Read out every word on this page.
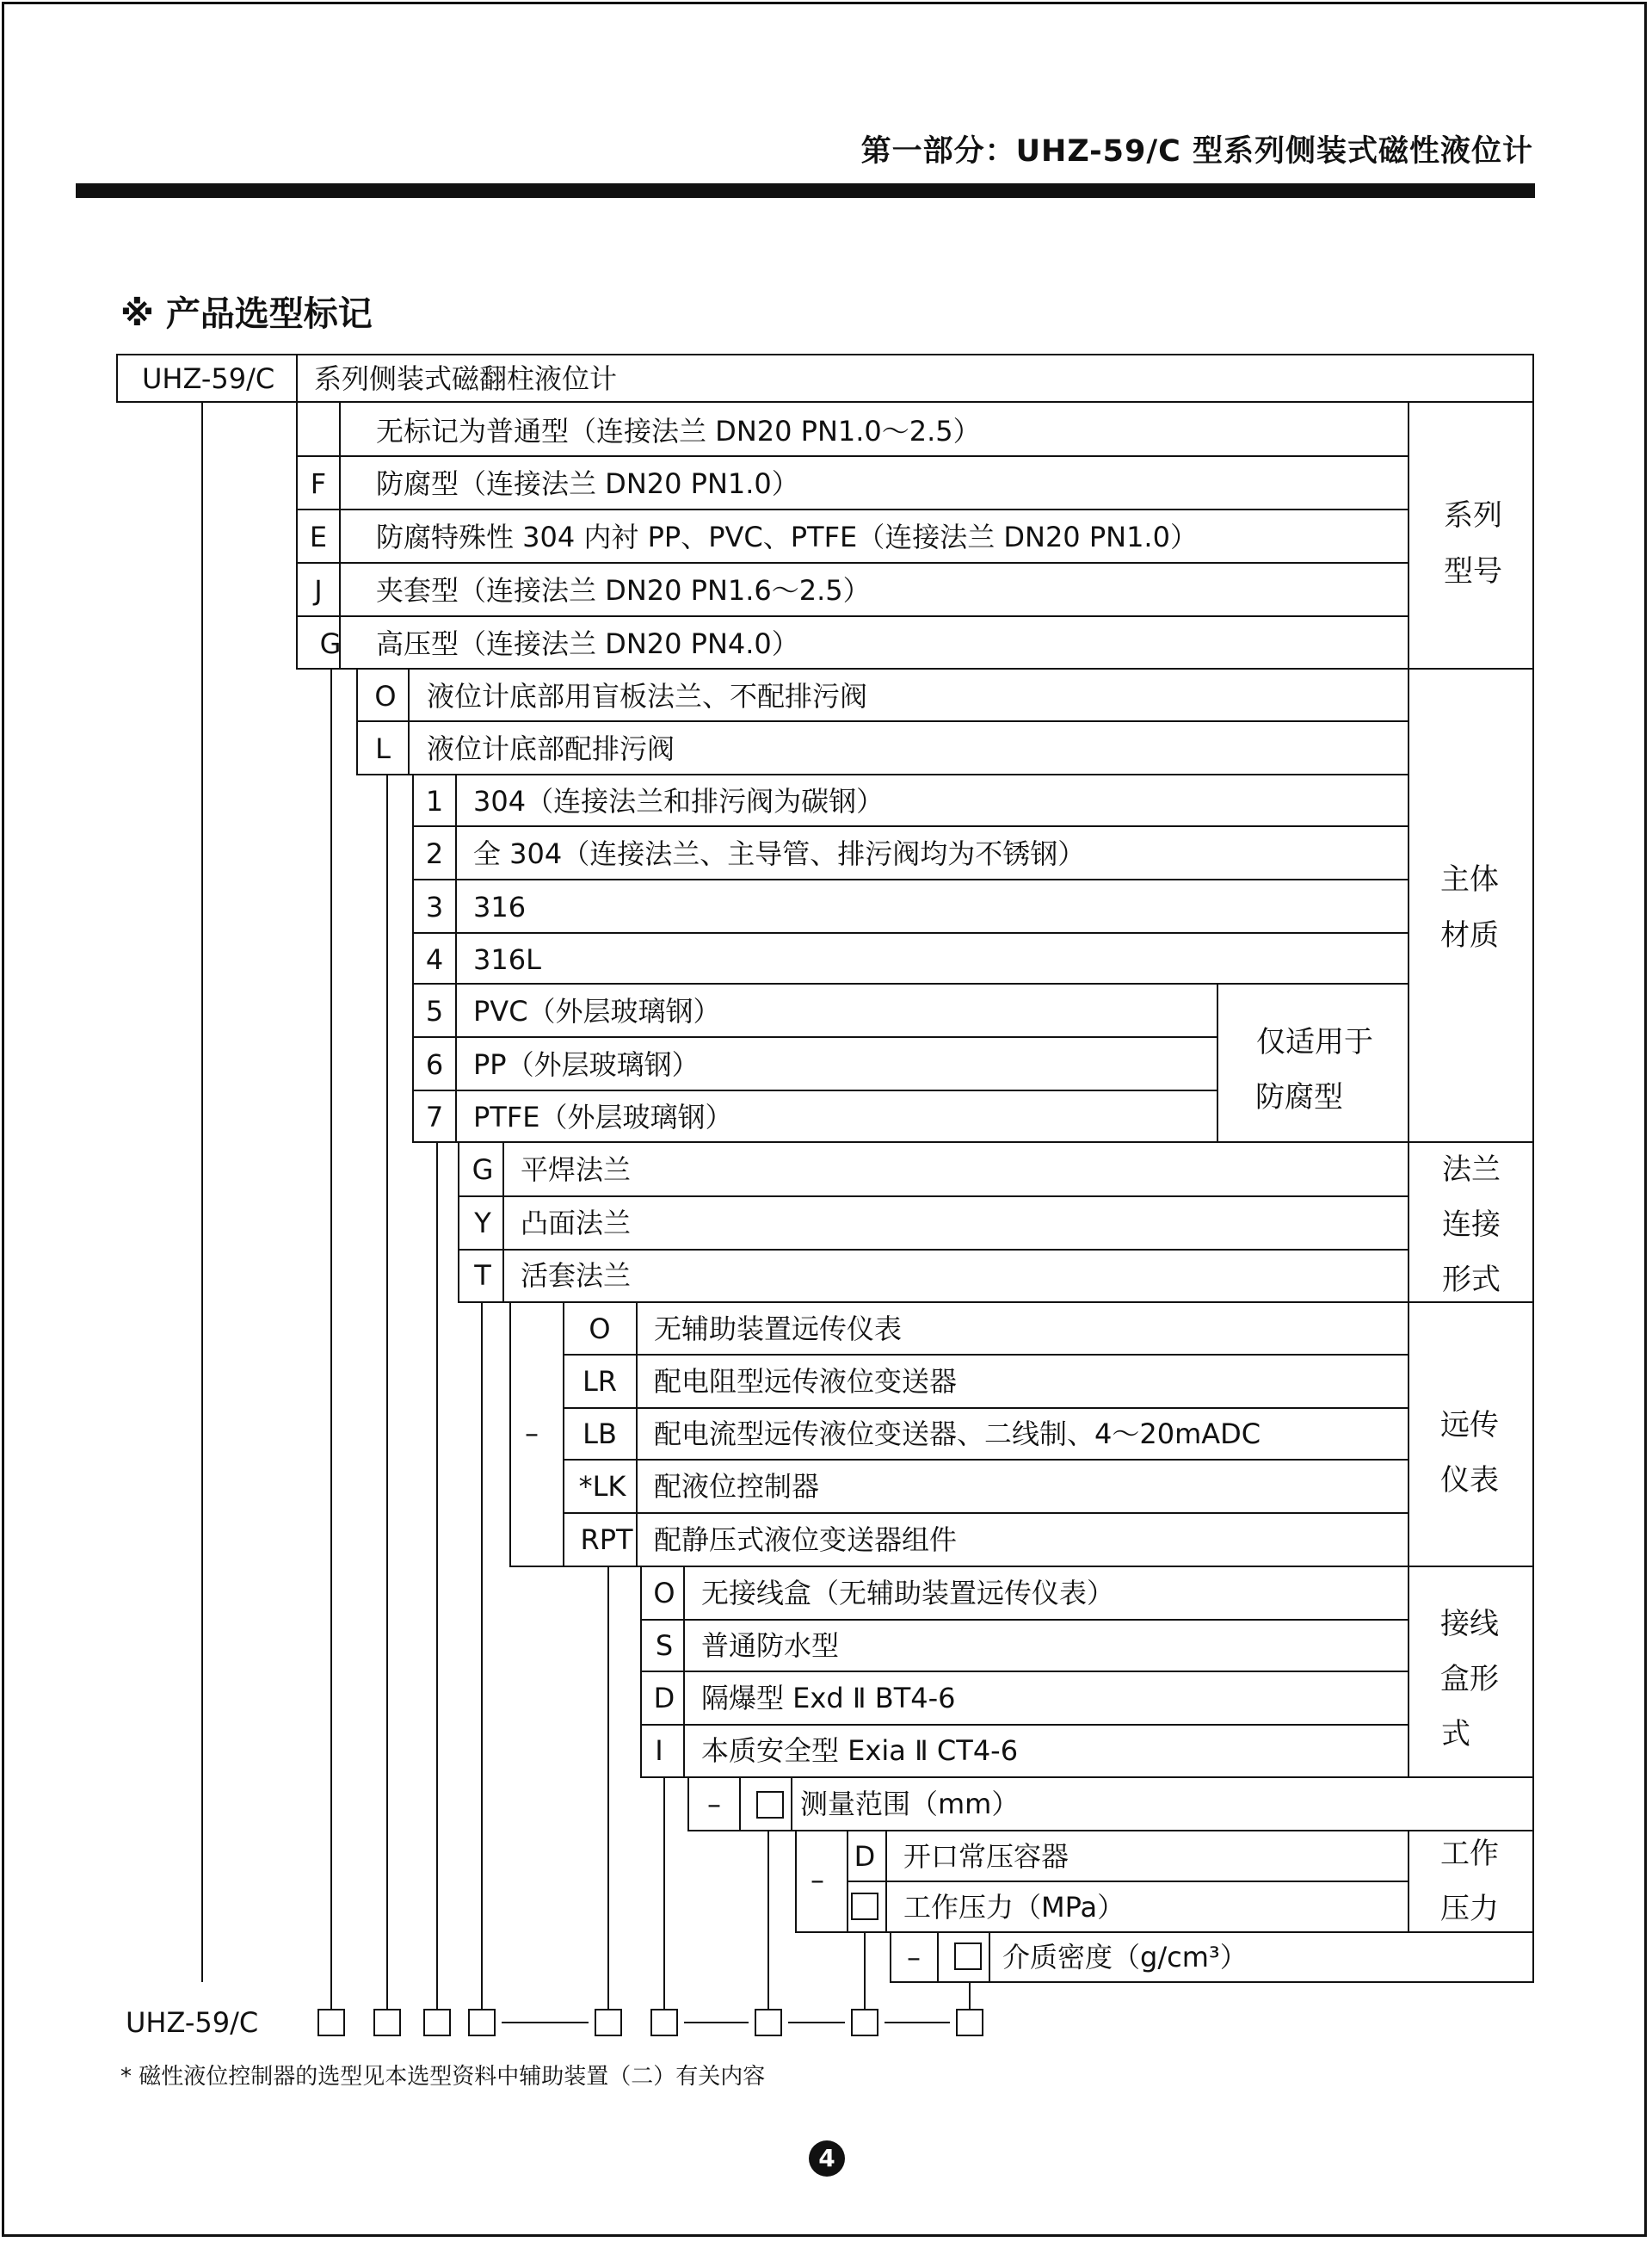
第一部分：UHZ-59/C 型系列侧装式磁性液位计
※ 产品选型标记
UHZ-59/C 系列侧装式磁翻柱液位计
无标记为普通型（连接法兰 DN20 PN1.0～2.5）
F 防腐型（连接法兰 DN20 PN1.0）
E 防腐特殊性 304 内衬 PP、PVC、PTFE（连接法兰 DN20 PN1.0）
J 夹套型（连接法兰 DN20 PN1.6～2.5）
G 高压型（连接法兰 DN20 PN4.0）
系列
型号
O 液位计底部用盲板法兰、不配排污阀
L 液位计底部配排污阀
1 304（连接法兰和排污阀为碳钢）
2 全 304（连接法兰、主导管、排污阀均为不锈钢）
3 316
4 316L
5 PVC（外层玻璃钢）
6 PP（外层玻璃钢）
7 PTFE（外层玻璃钢）
仅适用于
防腐型
主体
材质
G 平焊法兰
Y 凸面法兰
T 活套法兰
法兰
连接
形式
–
O 无辅助装置远传仪表
LR 配电阻型远传液位变送器
LB 配电流型远传液位变送器、二线制、4～20mADC
*LK 配液位控制器
RPT 配静压式液位变送器组件
远传
仪表
O 无接线盒（无辅助装置远传仪表）
S 普通防水型
D 隔爆型 Exd Ⅱ BT4-6
I 本质安全型 Exia Ⅱ CT4-6
接线
盒形
式
–	测量范围（mm）
–
D 开口常压容器
工作压力（MPa）
工作
压力
–	介质密度（g/cm³）
UHZ-59/C
* 磁性液位控制器的选型见本选型资料中辅助装置（二）有关内容
4
